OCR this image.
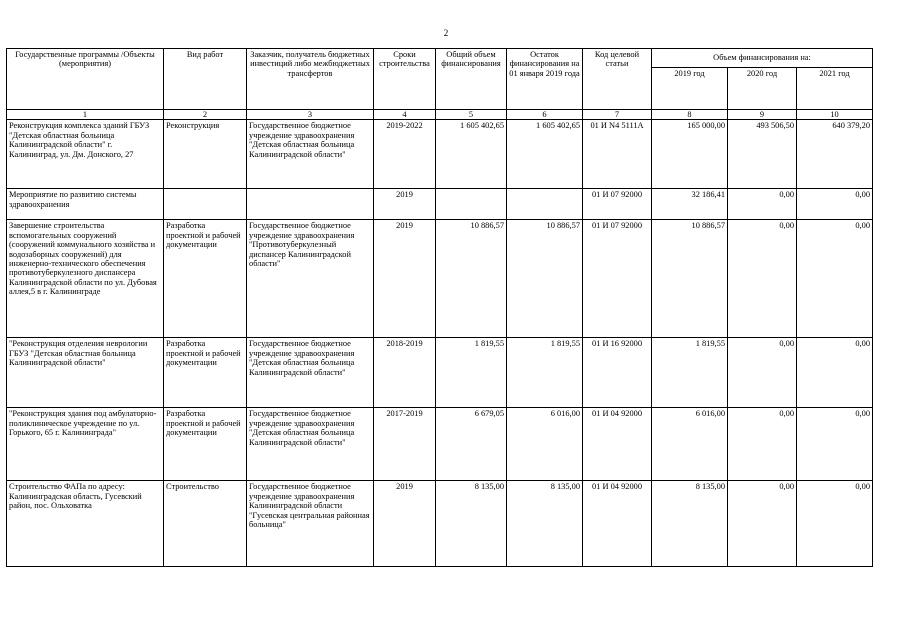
2
Государственные программы /Объекты (мероприятия)	Вид работ	Заказчик, получатель бюджетных инвестиций либо межбюджетных трансфертов	Сроки строительства	Общий объем финансирования	Остаток финансирования на 01 января 2019 года	Код целевой статьи	Объем финансирования на:		
							2019 год	2020 год	2021 год
1	2	3	4	5	6	7	8	9	10
Реконструкция комплекса зданий ГБУЗ "Детская областная больница Калининградской области" г. Калининград, ул. Дм. Донского, 27	Реконструкция	Государственное бюджетное учреждение здравоохранения "Детская областная больница Калининградской области"	2019-2022	1 605 402,65	1 605 402,65	01 И N4 5111A	165 000,00	493 506,50	640 379,20
Мероприятие по развитию системы здравоохранения			2019			01 И 07 92000	32 186,41	0,00	0,00
Завершение строительства вспомогательных сооружений (сооружений коммунального хозяйства и водозаборных сооружений) для инженерно-технического обеспечения противотуберкулезного диспансера Калининградской области по ул. Дубовая аллея,5 в г. Калининграде	Разработка проектной и рабочей документации	Государственное бюджетное учреждение здравоохранения "Противотуберкулезный диспансер Калининградской области"	2019	10 886,57	10 886,57	01 И 07 92000	10 886,57	0,00	0,00
"Реконструкция отделения неврологии ГБУЗ "Детская областная больница Калининградской области"	Разработка проектной и рабочей документации	Государственное бюджетное учреждение здравоохранения "Детская областная больница Калининградской области"	2018-2019	1 819,55	1 819,55	01 И 16 92000	1 819,55	0,00	0,00
"Реконструкция здания под амбулаторно-поликлиническое учреждение по ул. Горького, 65 г. Калининграда"	Разработка проектной и рабочей документации	Государственное бюджетное учреждение здравоохранения "Детская областная больница Калининградской области"	2017-2019	6 679,05	6 016,00	01 И 04 92000	6 016,00	0,00	0,00
Строительство ФАПа по адресу: Калининградская область, Гусевский район, пос. Ольховатка	Строительство	Государственное бюджетное учреждение здравоохранения Калининградской области "Гусевская центральная районная больница"	2019	8 135,00	8 135,00	01 И 04 92000	8 135,00	0,00	0,00
